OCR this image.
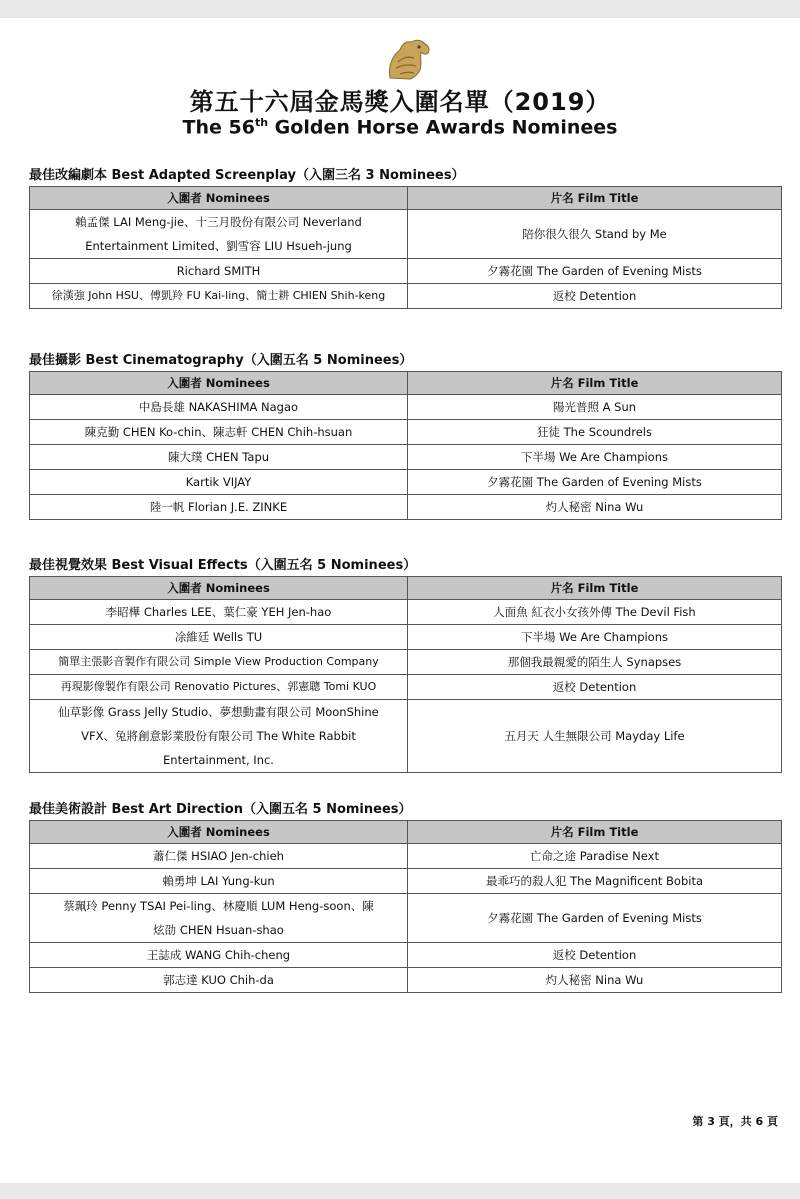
第五十六屆金馬獎入圍名單（2019）
The 56th Golden Horse Awards Nominees
最佳改編劇本 Best Adapted Screenplay（入圍三名 3 Nominees）
入圍者 Nominees	片名 Film Title
賴孟傑 LAI Meng-jie、十三月股份有限公司 Neverland Entertainment Limited、劉雪容 LIU Hsueh-jung	陪你很久很久 Stand by Me
Richard SMITH	夕霧花園 The Garden of Evening Mists
徐漢強 John HSU、傅凱羚 FU Kai-ling、簡士耕 CHIEN Shih-keng	返校 Detention
最佳攝影 Best Cinematography（入圍五名 5 Nominees）
入圍者 Nominees	片名 Film Title
中島長雄 NAKASHIMA Nagao	陽光普照 A Sun
陳克勤 CHEN Ko-chin、陳志軒 CHEN Chih-hsuan	狂徒 The Scoundrels
陳大璞 CHEN Tapu	下半場 We Are Champions
Kartik VIJAY	夕霧花園 The Garden of Evening Mists
陸一帆 Florian J.E. ZINKE	灼人秘密 Nina Wu
最佳視覺效果 Best Visual Effects（入圍五名 5 Nominees）
入圍者 Nominees	片名 Film Title
李昭樺 Charles LEE、葉仁豪 YEH Jen-hao	人面魚 紅衣小女孩外傳 The Devil Fish
凃維廷 Wells TU	下半場 We Are Champions
簡單主張影音製作有限公司 Simple View Production Company	那個我最親愛的陌生人 Synapses
再現影像製作有限公司 Renovatio Pictures、郭憲聰 Tomi KUO	返校 Detention
仙草影像 Grass Jelly Studio、夢想動畫有限公司 MoonShine VFX、兔將創意影業股份有限公司 The White Rabbit Entertainment, Inc.	五月天 人生無限公司 Mayday Life
最佳美術設計 Best Art Direction（入圍五名 5 Nominees）
入圍者 Nominees	片名 Film Title
蕭仁傑 HSIAO Jen-chieh	亡命之途 Paradise Next
賴勇坤 LAI Yung-kun	最乖巧的殺人犯 The Magnificent Bobita
蔡珮玲 Penny TSAI Pei-ling、林慶順 LUM Heng-soon、陳炫劭 CHEN Hsuan-shao	夕霧花園 The Garden of Evening Mists
王誌成 WANG Chih-cheng	返校 Detention
郭志達 KUO Chih-da	灼人秘密 Nina Wu
第 3 頁，共 6 頁
